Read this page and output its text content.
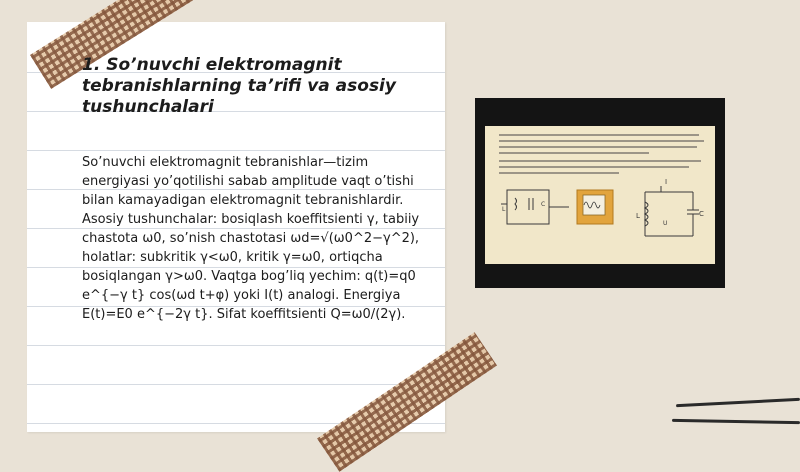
1. So’nuvchi elektromagnit tebranishlarning ta’rifi va asosiy tushunchalari

So’nuvchi elektromagnit tebranishlar—tizim energiyasi yo’qotilishi sabab amplitude vaqt o’tishi bilan kamayadigan elektromagnit tebranishlardir. Asosiy tushunchalar: bosiqlash koeffitsienti γ, tabiiy chastota ω0, so’nish chastotasi ωd=√(ω0^2−γ^2), holatlar: subkritik γ<ω0, kritik γ=ω0, ortiqcha bosiqlangan γ>ω0. Vaqtga bog’liq yechim: q(t)=q0 e^{−γ t} cos(ωd t+φ) yoki I(t) analogi. Energiya E(t)=E0 e^{−2γ t}. Sifat koeffitsienti Q=ω0/(2γ).

L
C
I
L
U
C
